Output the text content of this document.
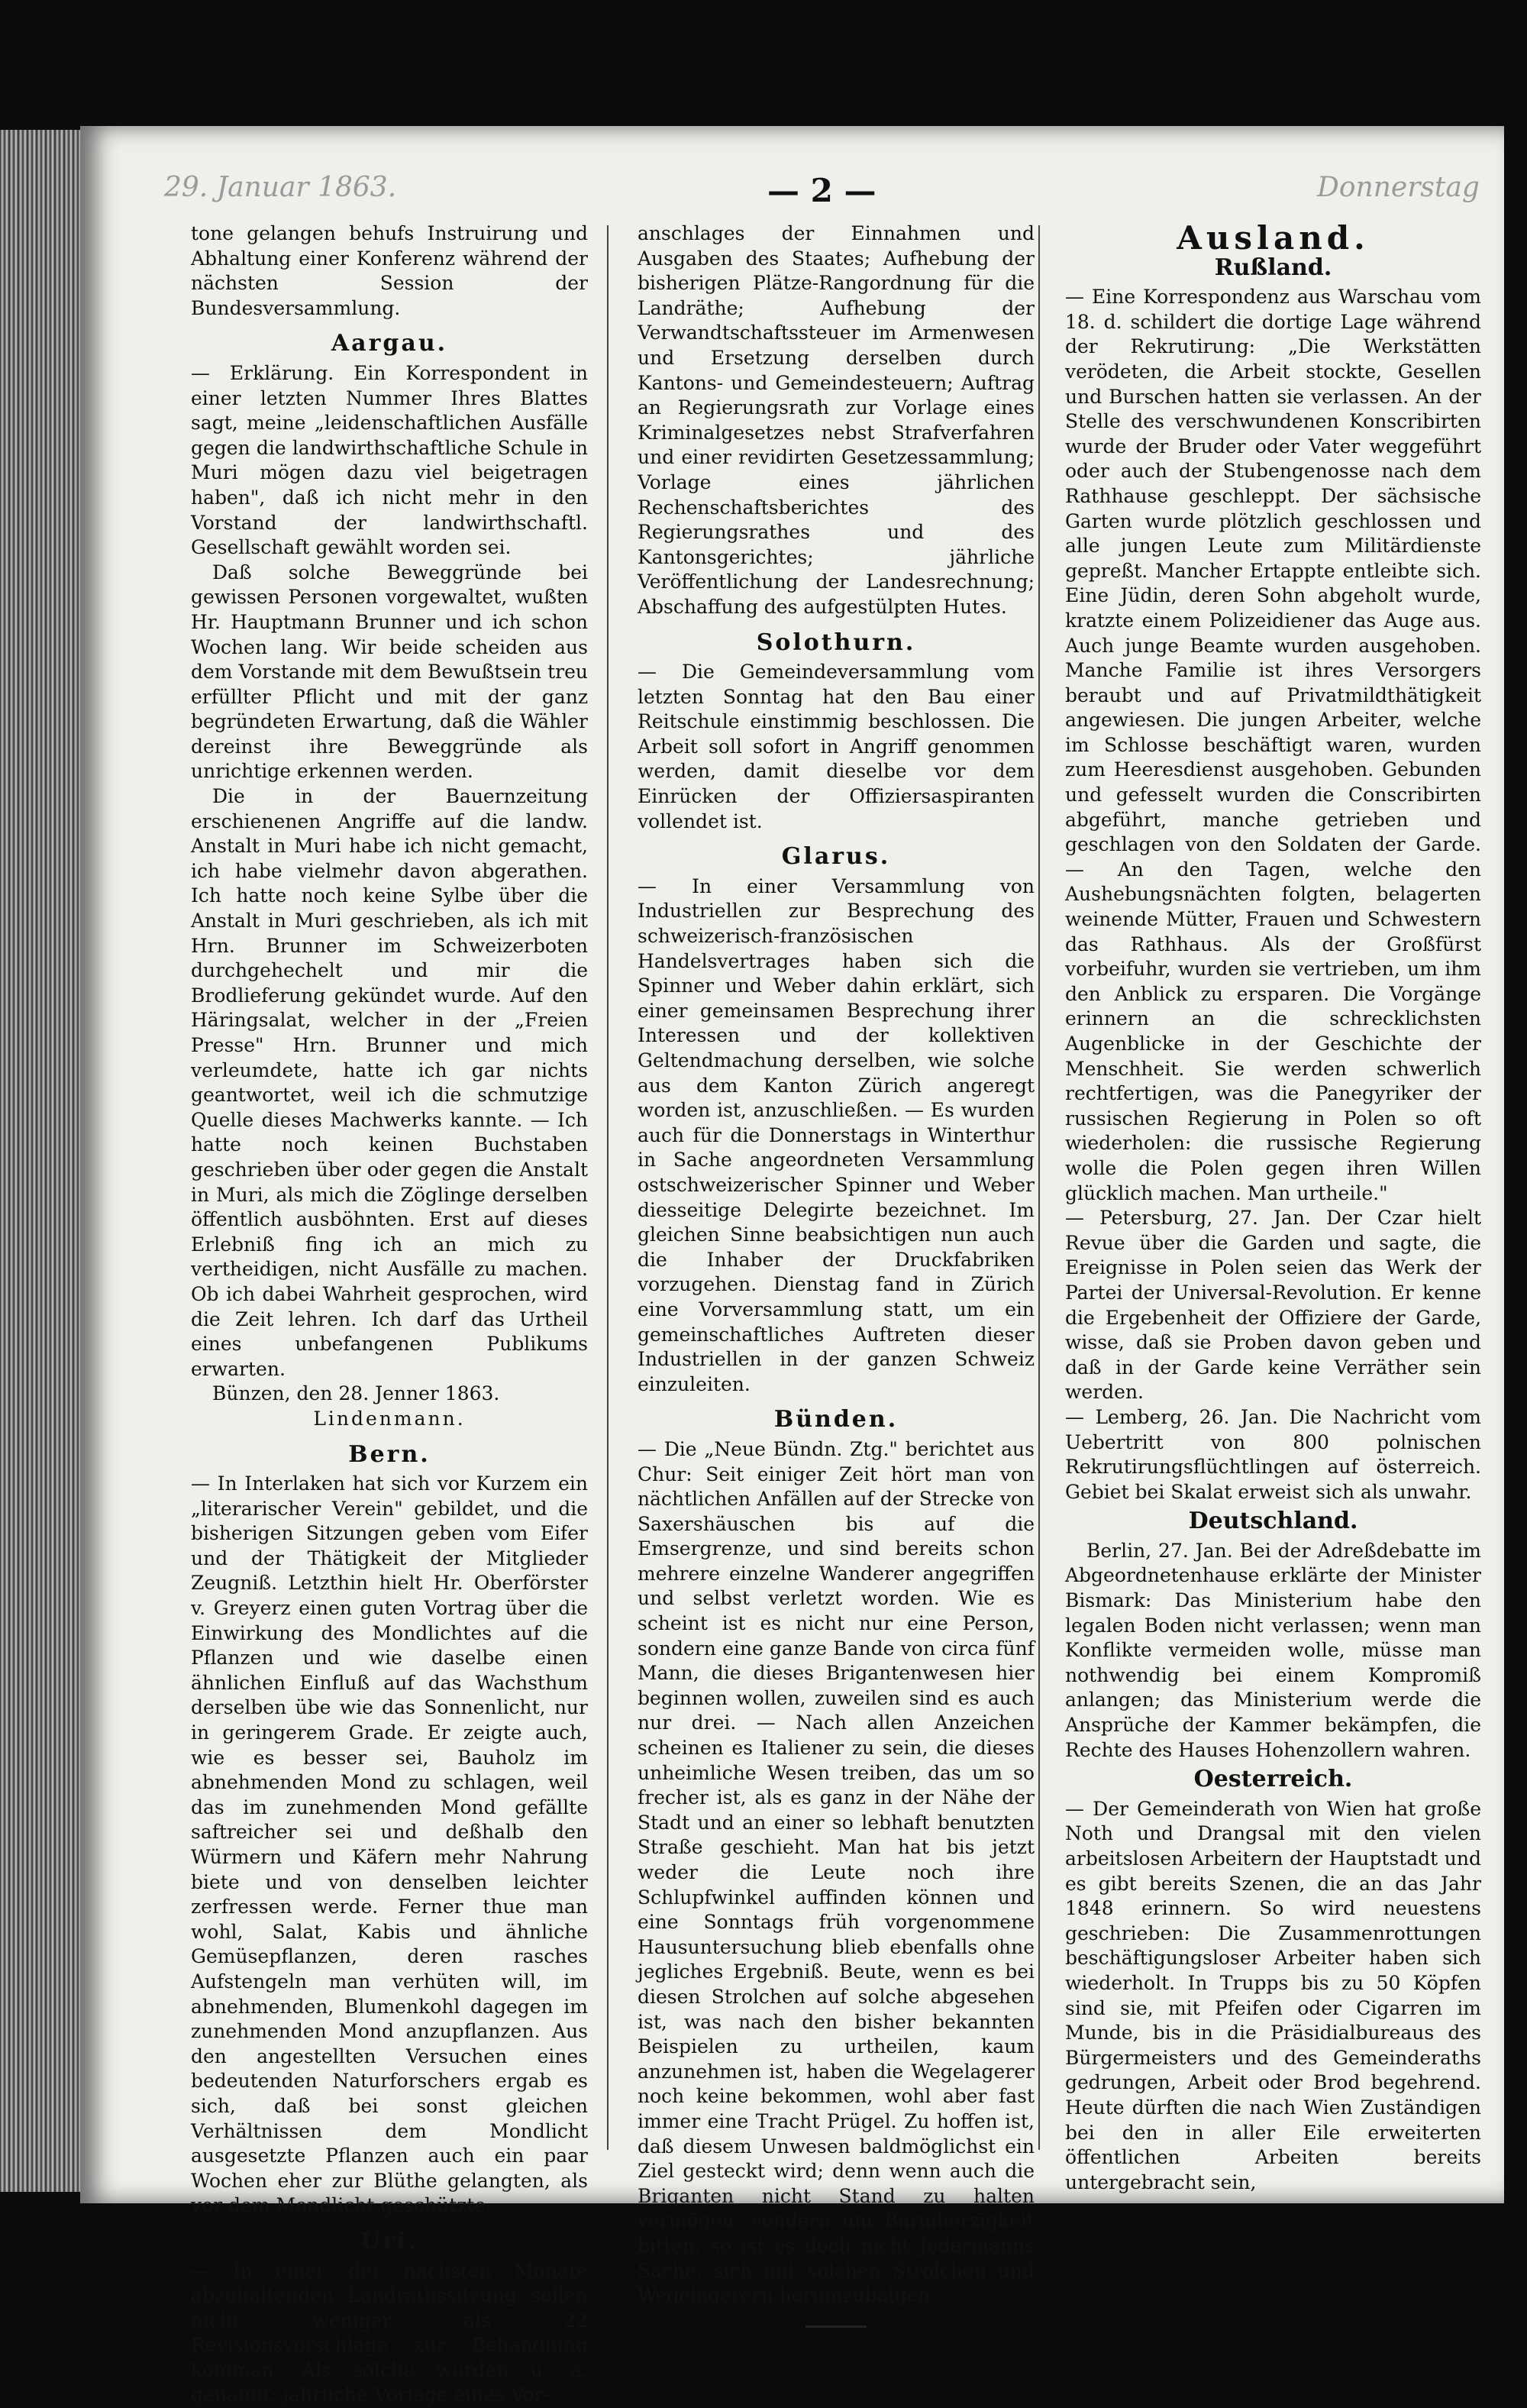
29. Januar 1863.	— 2 —	Donnerstag

tone gelangen behufs Instruirung und Abhaltung einer Konferenz während der nächsten Session der Bundesversammlung.

Aargau.

— Erklärung. Ein Korrespondent in einer letzten Nummer Ihres Blattes sagt, meine „leidenschaftlichen Ausfälle gegen die landwirthschaftliche Schule in Muri mögen dazu viel beigetragen haben", daß ich nicht mehr in den Vorstand der landwirthschaftl. Gesellschaft gewählt worden sei.

Daß solche Beweggründe bei gewissen Personen vorgewaltet, wußten Hr. Hauptmann Brunner und ich schon Wochen lang. Wir beide scheiden aus dem Vorstande mit dem Bewußtsein treu erfüllter Pflicht und mit der ganz begründeten Erwartung, daß die Wähler dereinst ihre Beweggründe als unrichtige erkennen werden.

Die in der Bauernzeitung erschienenen Angriffe auf die landw. Anstalt in Muri habe ich nicht gemacht, ich habe vielmehr davon abgerathen. Ich hatte noch keine Sylbe über die Anstalt in Muri geschrieben, als ich mit Hrn. Brunner im Schweizerboten durchgehechelt und mir die Brodlieferung gekündet wurde. Auf den Häringsalat, welcher in der „Freien Presse" Hrn. Brunner und mich verleumdete, hatte ich gar nichts geantwortet, weil ich die schmutzige Quelle dieses Machwerks kannte. — Ich hatte noch keinen Buchstaben geschrieben über oder gegen die Anstalt in Muri, als mich die Zöglinge derselben öffentlich ausböhnten. Erst auf dieses Erlebniß fing ich an mich zu vertheidigen, nicht Ausfälle zu machen. Ob ich dabei Wahrheit gesprochen, wird die Zeit lehren. Ich darf das Urtheil eines unbefangenen Publikums erwarten.

Bünzen, den 28. Jenner 1863.

Lindenmann.

Bern.

— In Interlaken hat sich vor Kurzem ein „literarischer Verein" gebildet, und die bisherigen Sitzungen geben vom Eifer und der Thätigkeit der Mitglieder Zeugniß. Letzthin hielt Hr. Oberförster v. Greyerz einen guten Vortrag über die Einwirkung des Mondlichtes auf die Pflanzen und wie daselbe einen ähnlichen Einfluß auf das Wachsthum derselben übe wie das Sonnenlicht, nur in geringerem Grade. Er zeigte auch, wie es besser sei, Bauholz im abnehmenden Mond zu schlagen, weil das im zunehmenden Mond gefällte saftreicher sei und deßhalb den Würmern und Käfern mehr Nahrung biete und von denselben leichter zerfressen werde. Ferner thue man wohl, Salat, Kabis und ähnliche Gemüsepflanzen, deren rasches Aufstengeln man verhüten will, im abnehmenden, Blumenkohl dagegen im zunehmenden Mond anzupflanzen. Aus den angestellten Versuchen eines bedeutenden Naturforschers ergab es sich, daß bei sonst gleichen Verhältnissen dem Mondlicht ausgesetzte Pflanzen auch ein paar Wochen eher zur Blüthe gelangten, als vor dem Mondlicht geschützte.

Uri.

— In einer der nächsten Monate abzuhaltenden Landrathssitzung sollen nicht weniger als 22 Revisionsvorschläge zur Behandlung kommen. Als solche werden u. a. genannt: jährliche Vorlage eines Vor-

anschlages der Einnahmen und Ausgaben des Staates; Aufhebung der bisherigen Plätze-Rangordnung für die Landräthe; Aufhebung der Verwandtschaftssteuer im Armenwesen und Ersetzung derselben durch Kantons- und Gemeindesteuern; Auftrag an Regierungsrath zur Vorlage eines Kriminalgesetzes nebst Strafverfahren und einer revidirten Gesetzessammlung; Vorlage eines jährlichen Rechenschaftsberichtes des Regierungsrathes und des Kantonsgerichtes; jährliche Veröffentlichung der Landesrechnung; Abschaffung des aufgestülpten Hutes.

Solothurn.

— Die Gemeindeversammlung vom letzten Sonntag hat den Bau einer Reitschule einstimmig beschlossen. Die Arbeit soll sofort in Angriff genommen werden, damit dieselbe vor dem Einrücken der Offiziersaspiranten vollendet ist.

Glarus.

— In einer Versammlung von Industriellen zur Besprechung des schweizerisch-französischen Handelsvertrages haben sich die Spinner und Weber dahin erklärt, sich einer gemeinsamen Besprechung ihrer Interessen und der kollektiven Geltendmachung derselben, wie solche aus dem Kanton Zürich angeregt worden ist, anzuschließen. — Es wurden auch für die Donnerstags in Winterthur in Sache angeordneten Versammlung ostschweizerischer Spinner und Weber diesseitige Delegirte bezeichnet. Im gleichen Sinne beabsichtigen nun auch die Inhaber der Druckfabriken vorzugehen. Dienstag fand in Zürich eine Vorversammlung statt, um ein gemeinschaftliches Auftreten dieser Industriellen in der ganzen Schweiz einzuleiten.

Bünden.

— Die „Neue Bündn. Ztg." berichtet aus Chur: Seit einiger Zeit hört man von nächtlichen Anfällen auf der Strecke von Saxershäuschen bis auf die Emsergrenze, und sind bereits schon mehrere einzelne Wanderer angegriffen und selbst verletzt worden. Wie es scheint ist es nicht nur eine Person, sondern eine ganze Bande von circa fünf Mann, die dieses Brigantenwesen hier beginnen wollen, zuweilen sind es auch nur drei. — Nach allen Anzeichen scheinen es Italiener zu sein, die dieses unheimliche Wesen treiben, das um so frecher ist, als es ganz in der Nähe der Stadt und an einer so lebhaft benutzten Straße geschieht. Man hat bis jetzt weder die Leute noch ihre Schlupfwinkel auffinden können und eine Sonntags früh vorgenommene Hausuntersuchung blieb ebenfalls ohne jegliches Ergebniß. Beute, wenn es bei diesen Strolchen auf solche abgesehen ist, was nach den bisher bekannten Beispielen zu urtheilen, kaum anzunehmen ist, haben die Wegelagerer noch keine bekommen, wohl aber fast immer eine Tracht Prügel. Zu hoffen ist, daß diesem Unwesen baldmöglichst ein Ziel gesteckt wird; denn wenn auch die Briganten nicht Stand zu halten vermögen, sondern um Barmherzigkeit bitten, so ist es doch nicht Jedermanns Sache, sich mit solchen Strolchen und Wegelagerern herumzubalgen.

Ausland.
Rußland.

— Eine Korrespondenz aus Warschau vom 18. d. schildert die dortige Lage während der Rekrutirung: „Die Werkstätten verödeten, die Arbeit stockte, Gesellen und Burschen hatten sie verlassen. An der Stelle des verschwundenen Konscribirten wurde der Bruder oder Vater weggeführt oder auch der Stubengenosse nach dem Rathhause geschleppt. Der sächsische Garten wurde plötzlich geschlossen und alle jungen Leute zum Militärdienste gepreßt. Mancher Ertappte entleibte sich. Eine Jüdin, deren Sohn abgeholt wurde, kratzte einem Polizeidiener das Auge aus. Auch junge Beamte wurden ausgehoben. Manche Familie ist ihres Versorgers beraubt und auf Privatmildthätigkeit angewiesen. Die jungen Arbeiter, welche im Schlosse beschäftigt waren, wurden zum Heeresdienst ausgehoben. Gebunden und gefesselt wurden die Conscribirten abgeführt, manche getrieben und geschlagen von den Soldaten der Garde. — An den Tagen, welche den Aushebungsnächten folgten, belagerten weinende Mütter, Frauen und Schwestern das Rathhaus. Als der Großfürst vorbeifuhr, wurden sie vertrieben, um ihm den Anblick zu ersparen. Die Vorgänge erinnern an die schrecklichsten Augenblicke in der Geschichte der Menschheit. Sie werden schwerlich rechtfertigen, was die Panegyriker der russischen Regierung in Polen so oft wiederholen: die russische Regierung wolle die Polen gegen ihren Willen glücklich machen. Man urtheile."

— Petersburg, 27. Jan. Der Czar hielt Revue über die Garden und sagte, die Ereignisse in Polen seien das Werk der Partei der Universal-Revolution. Er kenne die Ergebenheit der Offiziere der Garde, wisse, daß sie Proben davon geben und daß in der Garde keine Verräther sein werden.

— Lemberg, 26. Jan. Die Nachricht vom Uebertritt von 800 polnischen Rekrutirungsflüchtlingen auf österreich. Gebiet bei Skalat erweist sich als unwahr.

Deutschland.

Berlin, 27. Jan. Bei der Adreßdebatte im Abgeordnetenhause erklärte der Minister Bismark: Das Ministerium habe den legalen Boden nicht verlassen; wenn man Konflikte vermeiden wolle, müsse man nothwendig bei einem Kompromiß anlangen; das Ministerium werde die Ansprüche der Kammer bekämpfen, die Rechte des Hauses Hohenzollern wahren.

Oesterreich.

— Der Gemeinderath von Wien hat große Noth und Drangsal mit den vielen arbeitslosen Arbeitern der Hauptstadt und es gibt bereits Szenen, die an das Jahr 1848 erinnern. So wird neuestens geschrieben: Die Zusammenrottungen beschäftigungsloser Arbeiter haben sich wiederholt. In Trupps bis zu 50 Köpfen sind sie, mit Pfeifen oder Cigarren im Munde, bis in die Präsidialbureaus des Bürgermeisters und des Gemeinderaths gedrungen, Arbeit oder Brod begehrend. Heute dürften die nach Wien Zuständigen bei den in aller Eile erweiterten öffentlichen Arbeiten bereits untergebracht sein,
